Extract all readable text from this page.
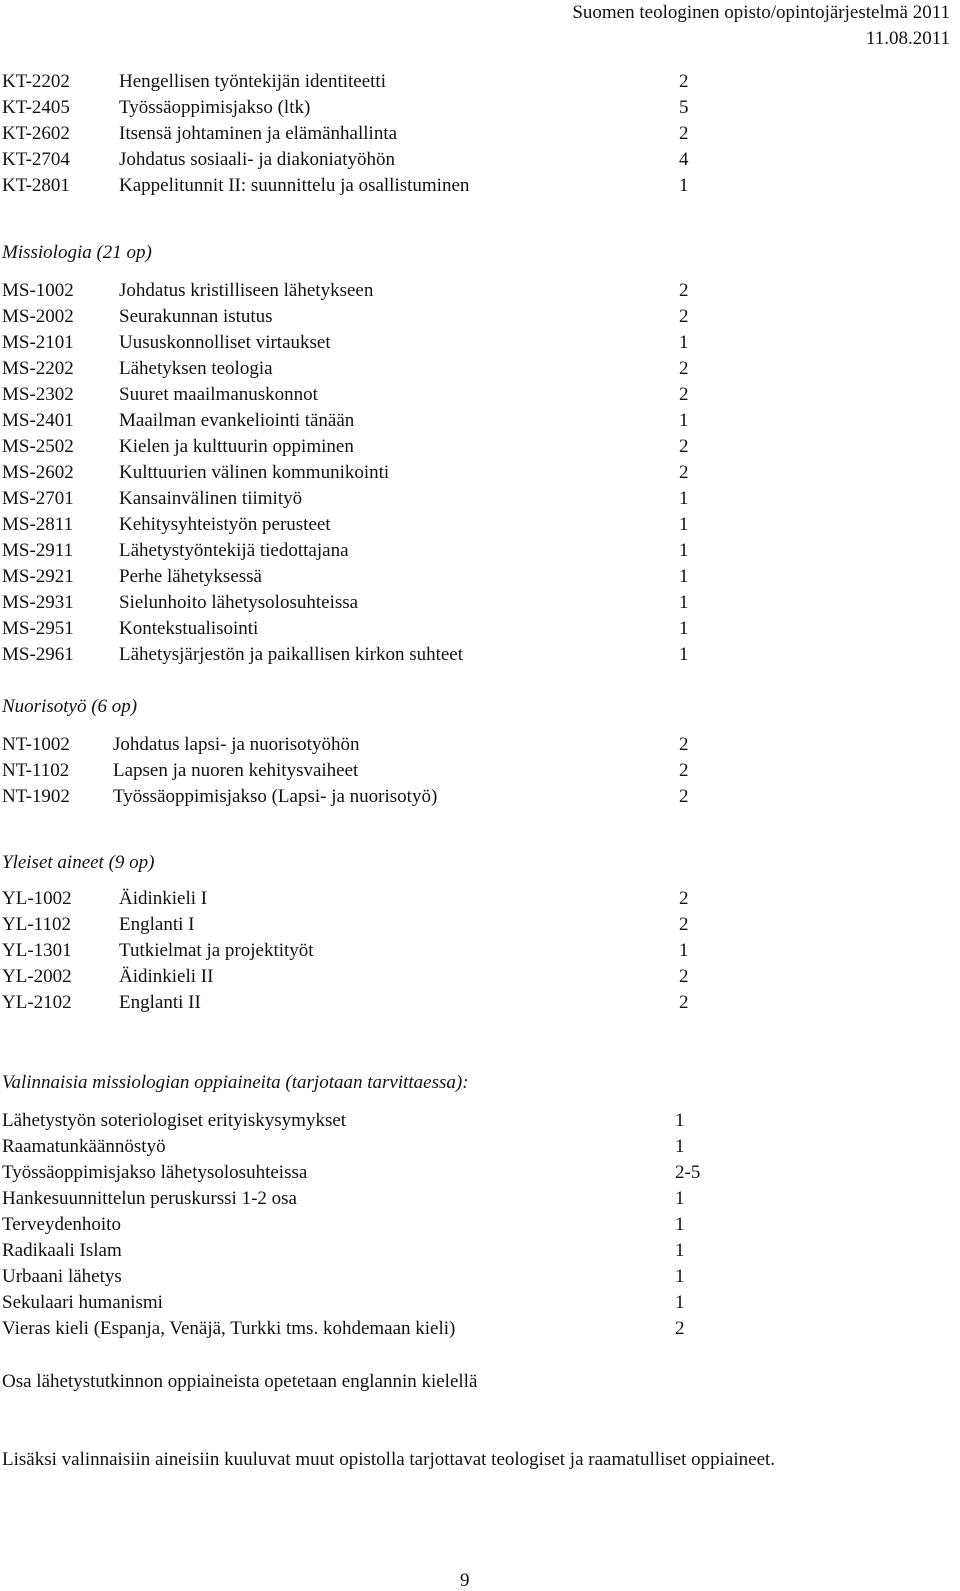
Suomen teologinen opisto/opintojärjestelmä 2011
11.08.2011
KT-2202	Hengellisen työntekijän identiteetti	2
KT-2405	Työssäoppimisjakso (ltk)	5
KT-2602	Itsensä johtaminen ja elämänhallinta	2
KT-2704	Johdatus sosiaali- ja diakoniatyöhön	4
KT-2801	Kappelitunnit II: suunnittelu ja osallistuminen	1
Missiologia (21 op)
MS-1002 Johdatus kristilliseen lähetykseen	2
MS-2002 Seurakunnan istutus	2
MS-2101 Uususkonnolliset virtaukset	1
MS-2202 Lähetyksen teologia	2
MS-2302 Suuret maailmanuskonnot	2
MS-2401 Maailman evankeliointi tänään	1
MS-2502 Kielen ja kulttuurin oppiminen	2
MS-2602 Kulttuurien välinen kommunikointi	2
MS-2701 Kansainvälinen tiimityö	1
MS-2811 Kehitysyhteistyön perusteet	1
MS-2911 Lähetystyöntekijä tiedottajana	1
MS-2921 Perhe lähetyksessä	1
MS-2931 Sielunhoito lähetysolosuhteissa	1
MS-2951 Kontekstualisointi	1
MS-2961 Lähetysjärjestön ja paikallisen kirkon suhteet	1
Nuorisotyö (6 op)
NT-1002 Johdatus lapsi- ja nuorisotyöhön	2
NT-1102 Lapsen ja nuoren kehitysvaiheet	2
NT-1902 Työssäoppimisjakso (Lapsi- ja nuorisotyö)	2
Yleiset aineet (9 op)
YL-1002 Äidinkieli I	2
YL-1102	Englanti I	2
YL-1301 Tutkielmat ja projektityöt	1
YL-2002 Äidinkieli II	2
YL-2102 Englanti II	2
Valinnaisia missiologian oppiaineita (tarjotaan tarvittaessa):
Lähetystyön soteriologiset erityiskysymykset	1
Raamatunkäännöstyö	1
Työssäoppimisjakso lähetysolosuhteissa	2-5
Hankesuunnittelun peruskurssi 1-2 osa	1
Terveydenhoito	1
Radikaali Islam	1
Urbaani lähetys	1
Sekulaari humanismi	1
Vieras kieli (Espanja, Venäjä, Turkki tms. kohdemaan kieli)	2
Osa lähetystutkinnon oppiaineista opetetaan englannin kielellä
Lisäksi valinnaisiin aineisiin kuuluvat muut opistolla tarjottavat teologiset ja raamatulliset oppiaineet.
9
